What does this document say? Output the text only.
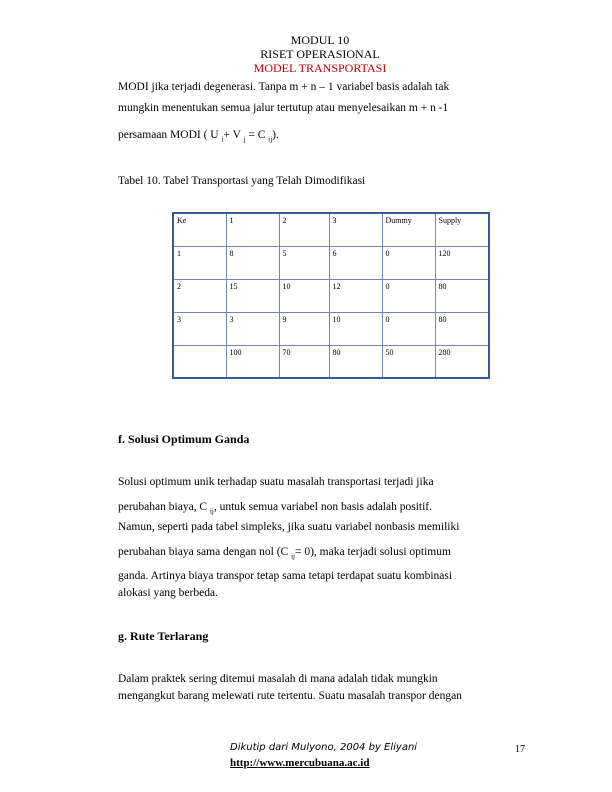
MODUL 10
RISET OPERASIONAL
MODEL TRANSPORTASI
MODI jika terjadi degenerasi. Tanpa m + n – 1 variabel basis adalah tak
mungkin menentukan semua jalur tertutup atau menyelesaikan m + n -1
persamaan MODI ( U $_i$+ V $_j$ = C $_{ij}$).
Tabel 10. Tabel Transportasi yang Telah Dimodifikasi
Ke	1	2	3	Dummy	Supply
1	8	5	6	0	120
2	15	10	12	0	80
3	3	9	10	0	80
	100	70	80	50	280
f. Solusi Optimum Ganda
Solusi optimum unik terhadap suatu masalah transportasi terjadi jika
perubahan biaya, C $_{ij}$, untuk semua variabel non basis adalah positif.
Namun, seperti pada tabel simpleks, jika suatu variabel nonbasis memiliki
perubahan biaya sama dengan nol (C $_{ij}$= 0), maka terjadi solusi optimum
ganda. Artinya biaya transpor tetap sama tetapi terdapat suatu kombinasi
alokasi yang berbeda.
g. Rute Terlarang
Dalam praktek sering ditemui masalah di mana adalah tidak mungkin
mengangkut barang melewati rute tertentu. Suatu masalah transpor dengan
Dikutip dari Mulyono, 2004 by Eliyani
http://www.mercubuana.ac.id
17
